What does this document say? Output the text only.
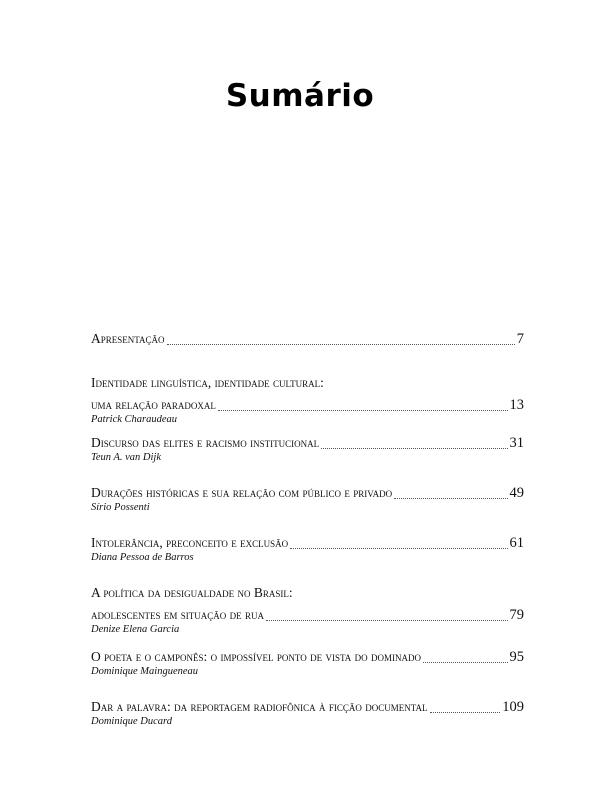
Sumário
Apresentação	7
Identidade linguística, identidade cultural:
uma relação paradoxal	13
Patrick Charaudeau
Discurso das elites e racismo institucional	31
Teun A. van Dijk
Durações históricas e sua relação com público e privado	49
Sírio Possenti
Intolerância, preconceito e exclusão	61
Diana Pessoa de Barros
A política da desigualdade no Brasil:
adolescentes em situação de rua	79
Denize Elena Garcia
O poeta e o camponês: o impossível ponto de vista do dominado	95
Dominique Maingueneau
Dar a palavra: da reportagem radiofônica à ficção documental	109
Dominique Ducard
